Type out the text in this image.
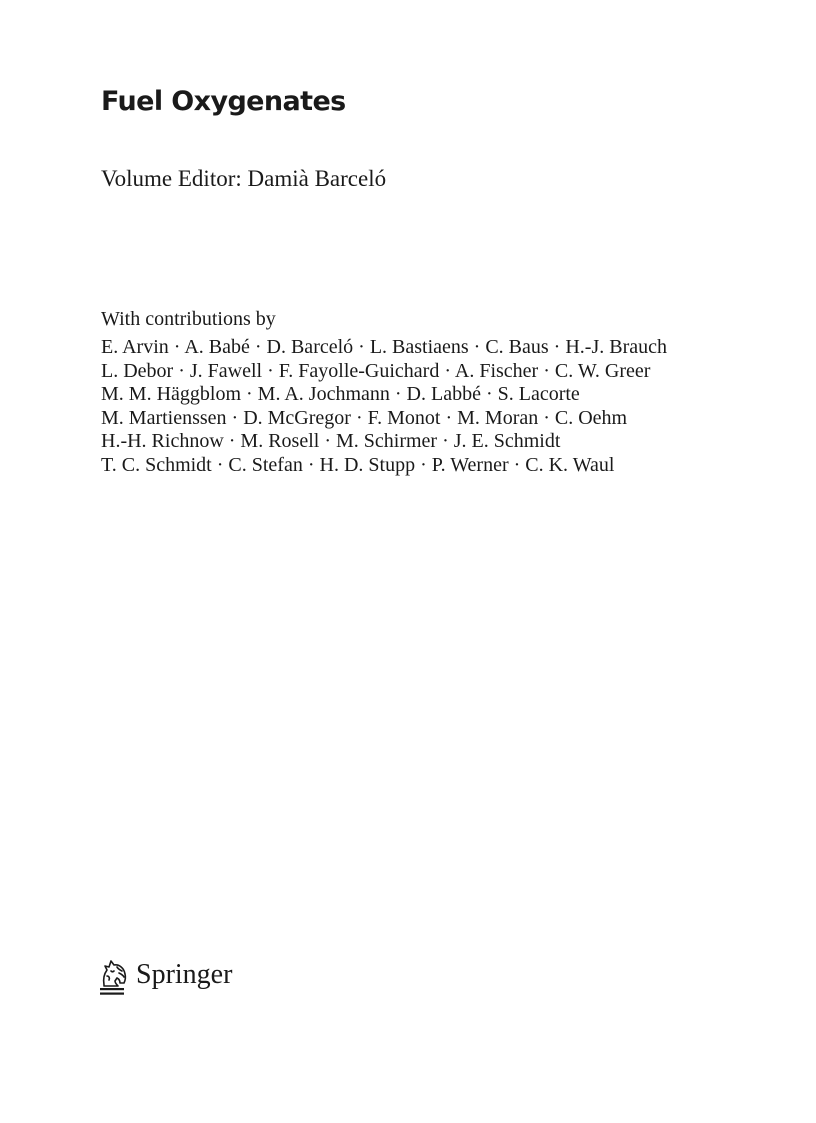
Fuel Oxygenates

Volume Editor: Damià Barceló

With contributions by

E. Arvin · A. Babé · D. Barceló · L. Bastiaens · C. Baus · H.-J. Brauch
L. Debor · J. Fawell · F. Fayolle-Guichard · A. Fischer · C. W. Greer
M. M. Häggblom · M. A. Jochmann · D. Labbé · S. Lacorte
M. Martienssen · D. McGregor · F. Monot · M. Moran · C. Oehm
H.-H. Richnow · M. Rosell · M. Schirmer · J. E. Schmidt
T. C. Schmidt · C. Stefan · H. D. Stupp · P. Werner · C. K. Waul
Springer
